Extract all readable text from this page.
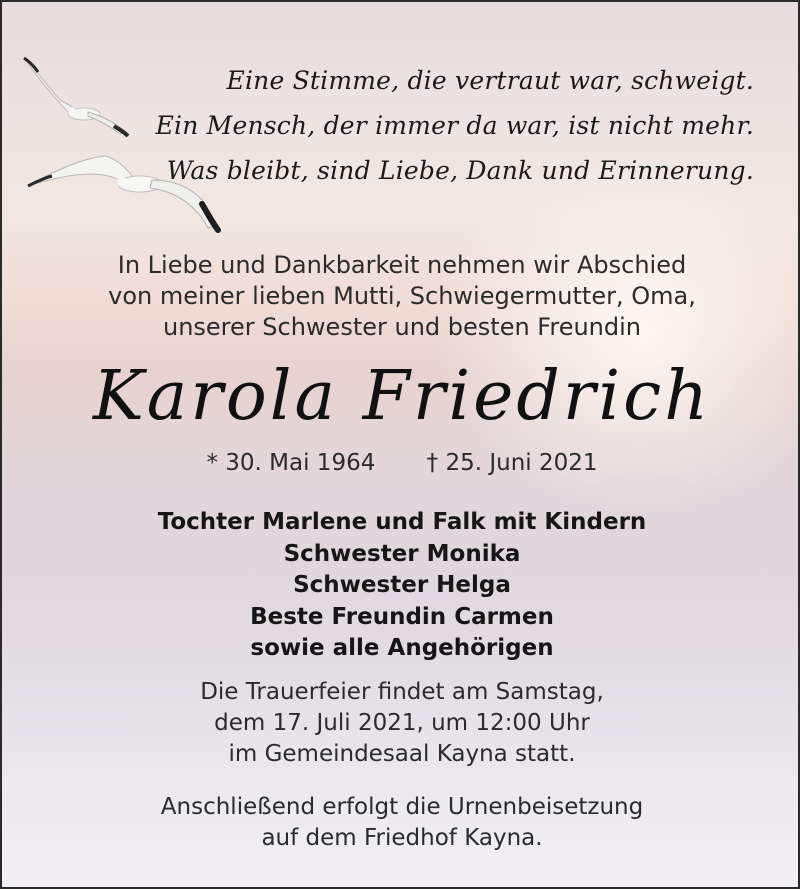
Eine Stimme, die vertraut war, schweigt.
Ein Mensch, der immer da war, ist nicht mehr.
Was bleibt, sind Liebe, Dank und Erinnerung.
In Liebe und Dankbarkeit nehmen wir Abschied
von meiner lieben Mutti, Schwiegermutter, Oma,
unserer Schwester und besten Freundin
Karola Friedrich
* 30. Mai 1964 † 25. Juni 2021
Tochter Marlene und Falk mit Kindern
Schwester Monika
Schwester Helga
Beste Freundin Carmen
sowie alle Angehörigen
Die Trauerfeier findet am Samstag,
dem 17. Juli 2021, um 12:00 Uhr
im Gemeindesaal Kayna statt.
Anschließend erfolgt die Urnenbeisetzung
auf dem Friedhof Kayna.
